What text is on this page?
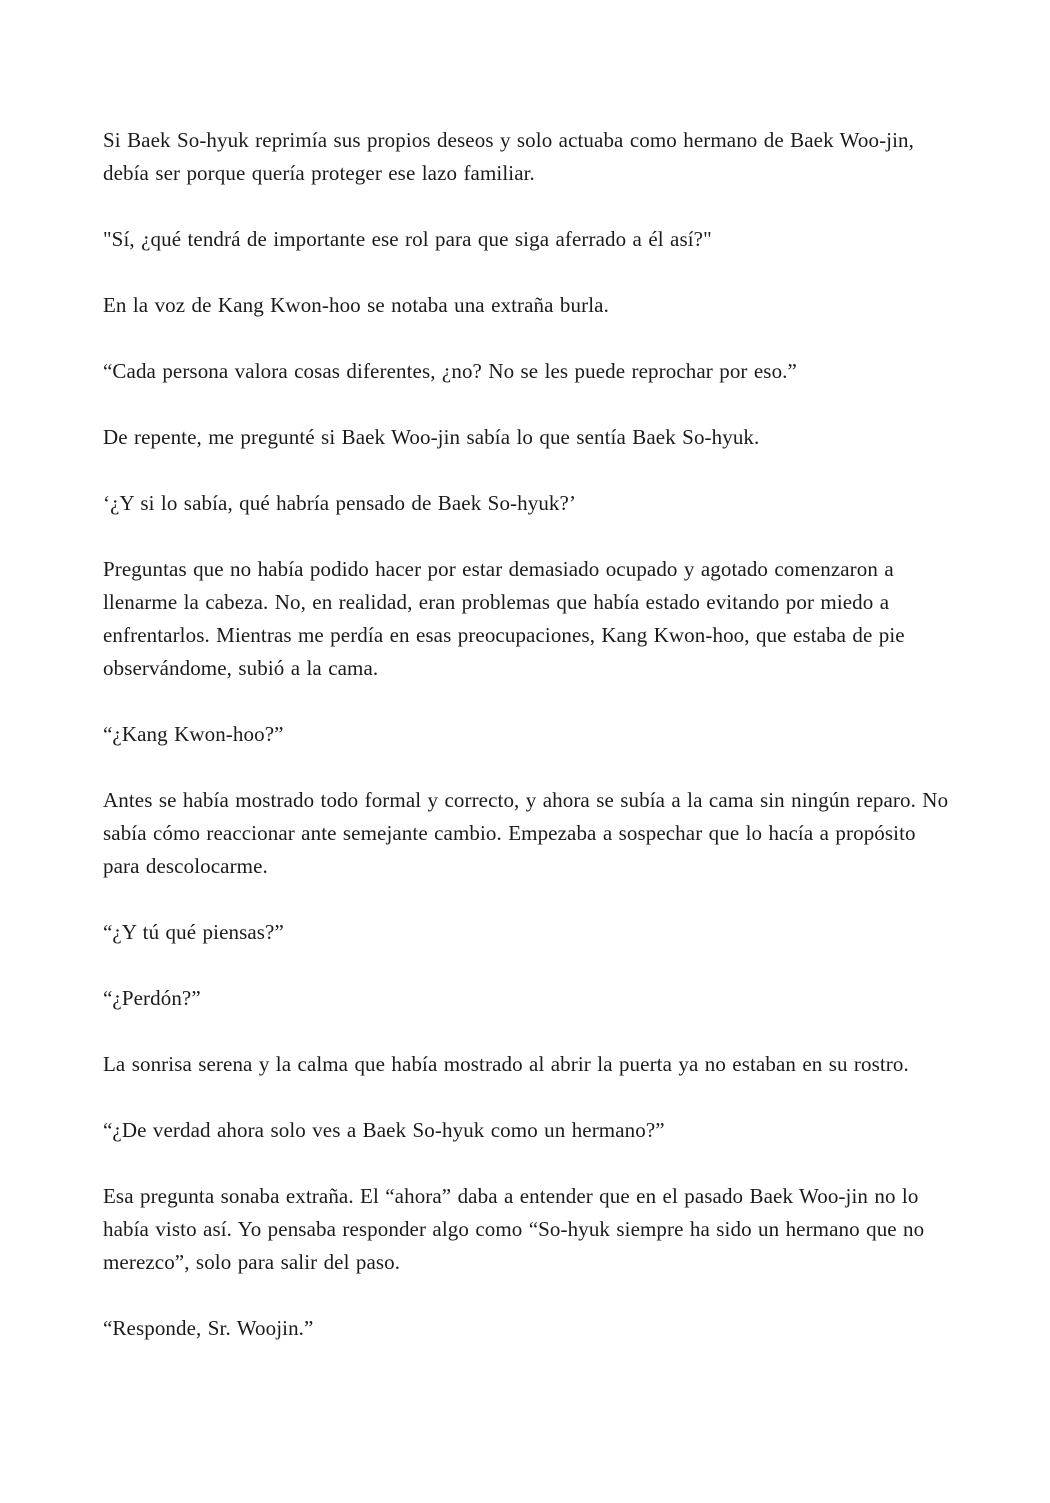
Si Baek So-hyuk reprimía sus propios deseos y solo actuaba como hermano de Baek Woo-jin, debía ser porque quería proteger ese lazo familiar.

"Sí, ¿qué tendrá de importante ese rol para que siga aferrado a él así?"

En la voz de Kang Kwon-hoo se notaba una extraña burla.

“Cada persona valora cosas diferentes, ¿no? No se les puede reprochar por eso.”

De repente, me pregunté si Baek Woo-jin sabía lo que sentía Baek So-hyuk.

‘¿Y si lo sabía, qué habría pensado de Baek So-hyuk?’

Preguntas que no había podido hacer por estar demasiado ocupado y agotado comenzaron a llenarme la cabeza. No, en realidad, eran problemas que había estado evitando por miedo a enfrentarlos. Mientras me perdía en esas preocupaciones, Kang Kwon-hoo, que estaba de pie observándome, subió a la cama.

“¿Kang Kwon-hoo?”

Antes se había mostrado todo formal y correcto, y ahora se subía a la cama sin ningún reparo. No sabía cómo reaccionar ante semejante cambio. Empezaba a sospechar que lo hacía a propósito para descolocarme.

“¿Y tú qué piensas?”

“¿Perdón?”

La sonrisa serena y la calma que había mostrado al abrir la puerta ya no estaban en su rostro.

“¿De verdad ahora solo ves a Baek So-hyuk como un hermano?”

Esa pregunta sonaba extraña. El “ahora” daba a entender que en el pasado Baek Woo-jin no lo había visto así. Yo pensaba responder algo como “So-hyuk siempre ha sido un hermano que no merezco”, solo para salir del paso.

“Responde, Sr. Woojin.”
